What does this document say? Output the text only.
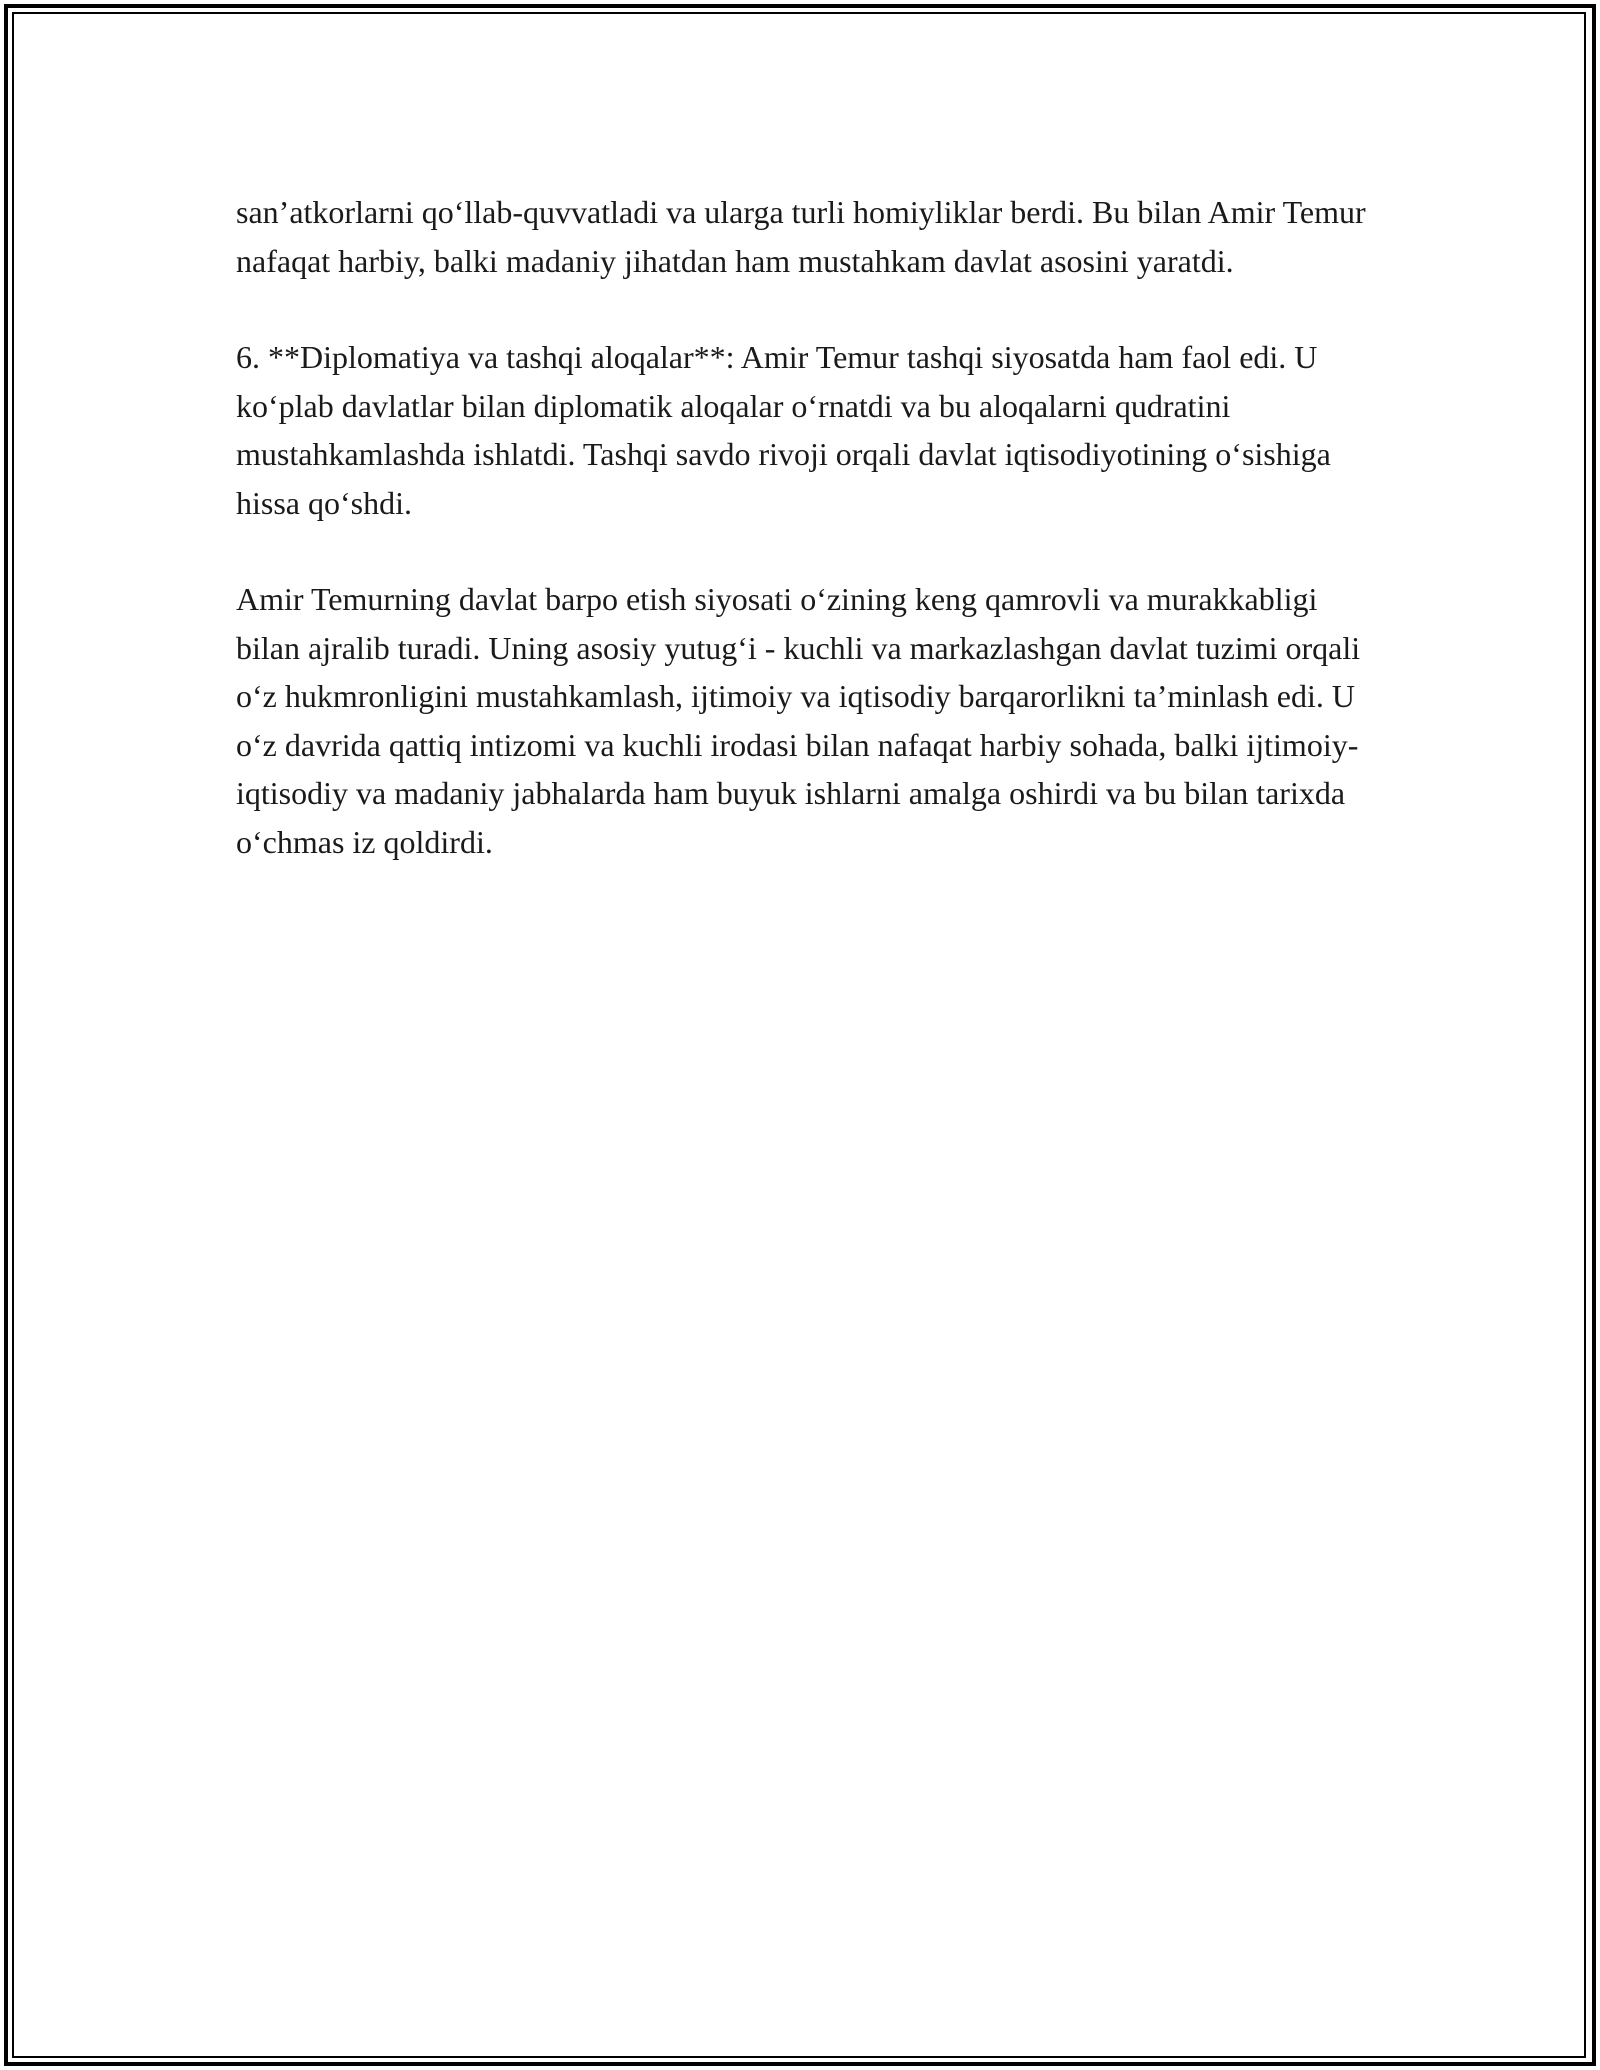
san’atkorlarni qo‘llab-quvvatladi va ularga turli homiyliklar berdi. Bu bilan Amir Temur nafaqat harbiy, balki madaniy jihatdan ham mustahkam davlat asosini yaratdi.

6. **Diplomatiya va tashqi aloqalar**: Amir Temur tashqi siyosatda ham faol edi. U ko‘plab davlatlar bilan diplomatik aloqalar o‘rnatdi va bu aloqalarni qudratini mustahkamlashda ishlatdi. Tashqi savdo rivoji orqali davlat iqtisodiyotining o‘sishiga hissa qo‘shdi.

Amir Temurning davlat barpo etish siyosati o‘zining keng qamrovli va murakkabligi bilan ajralib turadi. Uning asosiy yutug‘i - kuchli va markazlashgan davlat tuzimi orqali o‘z hukmronligini mustahkamlash, ijtimoiy va iqtisodiy barqarorlikni ta’minlash edi. U o‘z davrida qattiq intizomi va kuchli irodasi bilan nafaqat harbiy sohada, balki ijtimoiy-iqtisodiy va madaniy jabhalarda ham buyuk ishlarni amalga oshirdi va bu bilan tarixda o‘chmas iz qoldirdi.
